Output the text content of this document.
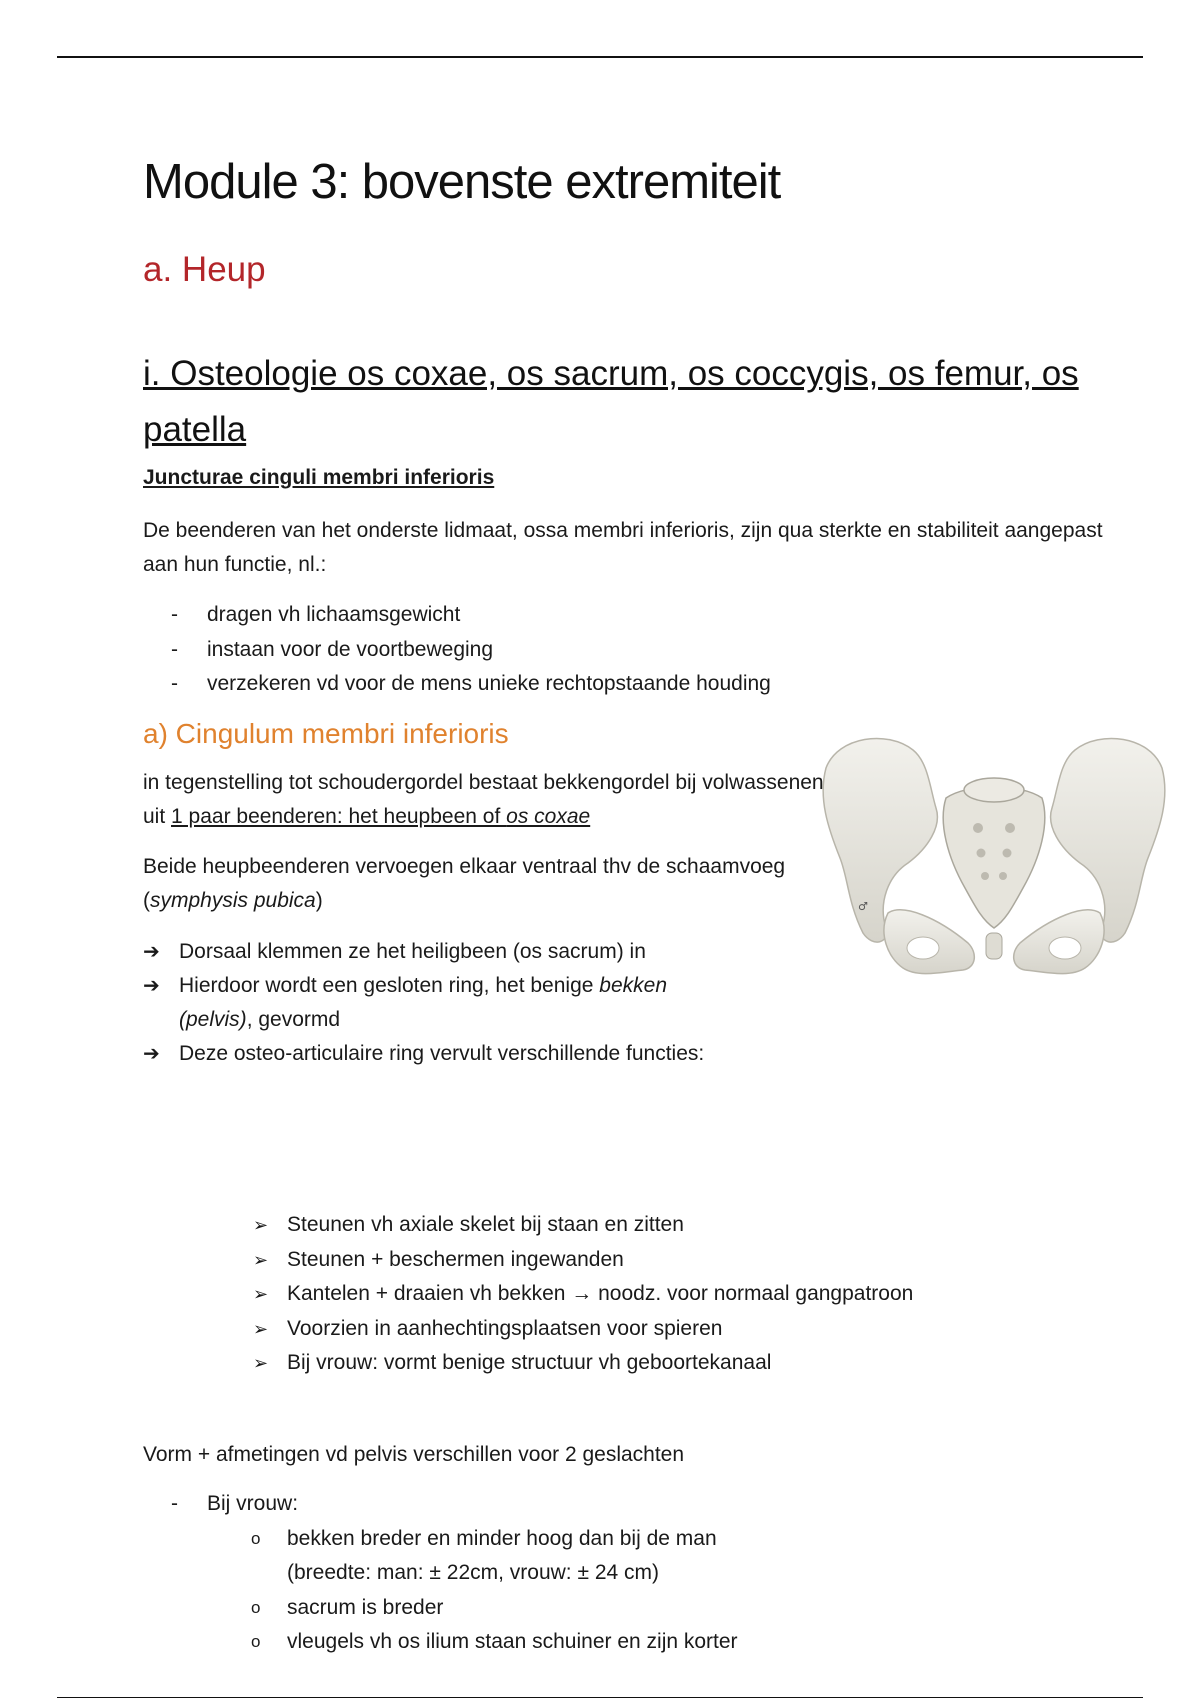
Module 3: bovenste extremiteit
a. Heup
i. Osteologie os coxae, os sacrum, os coccygis, os femur, os patella
Juncturae cinguli membri inferioris

De beenderen van het onderste lidmaat, ossa membri inferioris, zijn qua sterkte en stabiliteit aangepast aan hun functie, nl.:

- dragen vh lichaamsgewicht
- instaan voor de voortbeweging
- verzekeren vd voor de mens unieke rechtopstaande houding
a) Cingulum membri inferioris

in tegenstelling tot schoudergordel bestaat bekkengordel bij volwassenen uit 1 paar beenderen: het heupbeen of os coxae

Beide heupbeenderen vervoegen elkaar ventraal thv de schaamvoeg (symphysis pubica)

➔ Dorsaal klemmen ze het heiligbeen (os sacrum) in
➔ Hierdoor wordt een gesloten ring, het benige bekken
(pelvis), gevormd
➔ Deze osteo-articulaire ring vervult verschillende functies:
➢ Steunen vh axiale skelet bij staan en zitten
➢ Steunen + beschermen ingewanden
➢ Kantelen + draaien vh bekken → noodz. voor normaal gangpatroon
➢ Voorzien in aanhechtingsplaatsen voor spieren
➢ Bij vrouw: vormt benige structuur vh geboortekanaal

Vorm + afmetingen vd pelvis verschillen voor 2 geslachten

- Bij vrouw:
o bekken breder en minder hoog dan bij de man
(breedte: man: ± 22cm, vrouw: ± 24 cm)
o sacrum is breder
o vleugels vh os ilium staan schuiner en zijn korter
♂
